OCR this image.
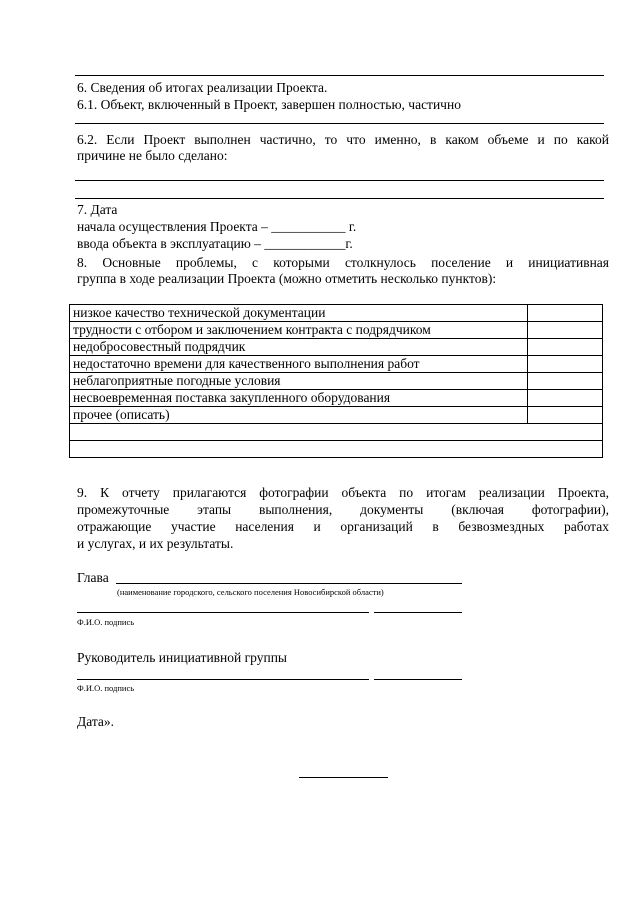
6. Сведения об итогах реализации Проекта.
6.1. Объект, включенный в Проект, завершен полностью, частично
6.2. Если Проект выполнен частично, то что именно, в каком объеме и по какой
причине не было сделано:
7. Дата
начала осуществления Проекта – ___________ г.
ввода объекта в эксплуатацию – ____________г.
8. Основные проблемы, с которыми столкнулось поселение и инициативная
группа в ходе реализации Проекта (можно отметить несколько пунктов):
низкое качество технической документации	
трудности с отбором и заключением контракта с подрядчиком	
недобросовестный подрядчик	
недостаточно времени для качественного выполнения работ	
неблагоприятные погодные условия	
несвоевременная поставка закупленного оборудования	
прочее (описать)	

9. К отчету прилагаются фотографии объекта по итогам реализации Проекта,
промежуточные этапы выполнения, документы (включая фотографии),
отражающие участие населения и организаций в безвозмездных работах
и услугах, и их результаты.
Глава
(наименование городского, сельского поселения Новосибирской области)
Ф.И.О. подпись
Руководитель инициативной группы
Ф.И.О. подпись
Дата».
